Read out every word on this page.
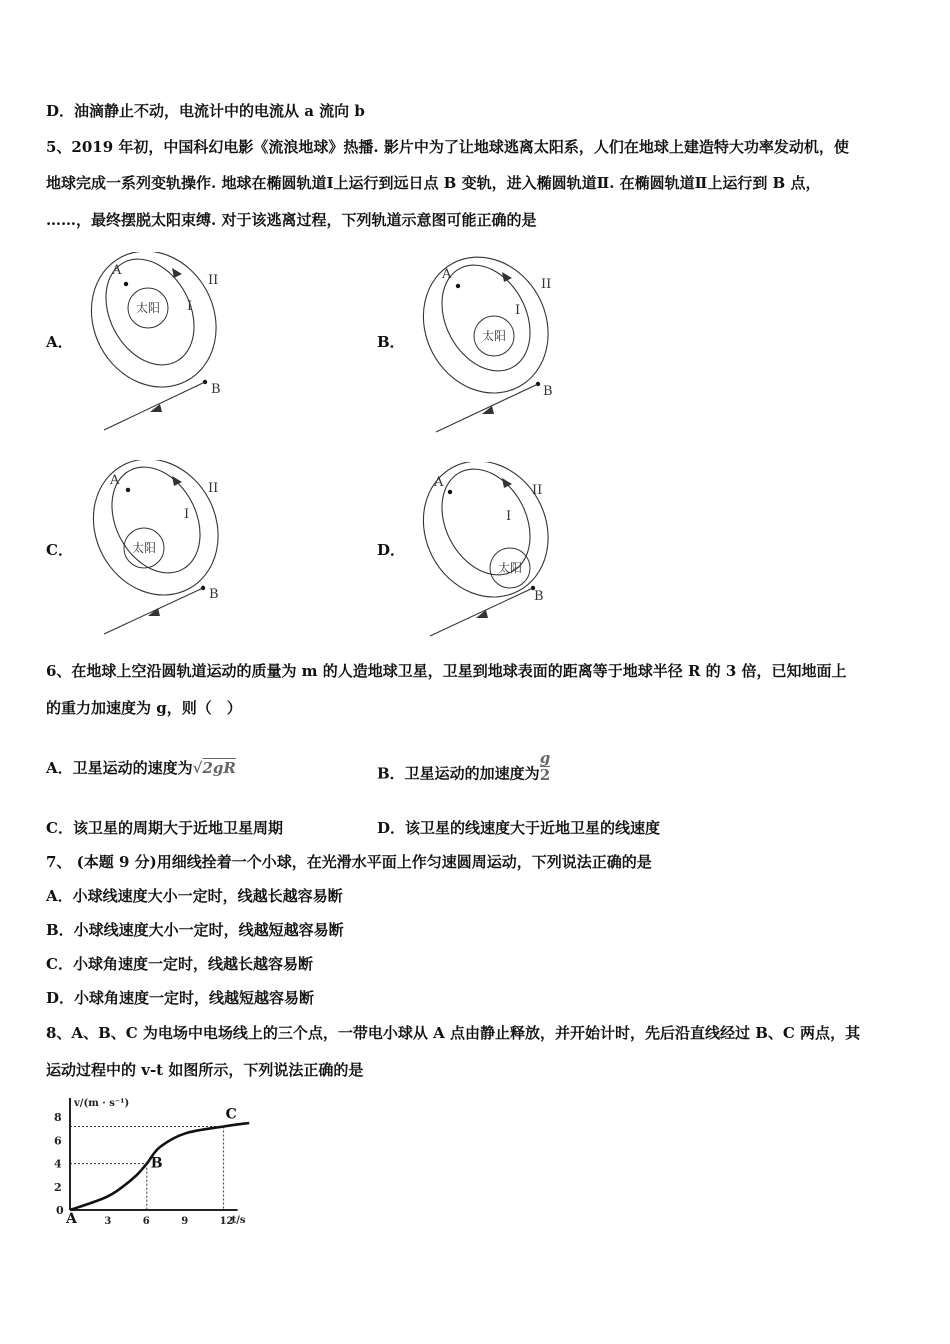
D．油滴静止不动，电流计中的电流从 a 流向 b
5、2019 年初，中国科幻电影《流浪地球》热播. 影片中为了让地球逃离太阳系，人们在地球上建造特大功率发动机，使
地球完成一系列变轨操作. 地球在椭圆轨道Ⅰ上运行到远日点 B 变轨，进入椭圆轨道Ⅱ. 在椭圆轨道Ⅱ上运行到 B 点，
……，最终摆脱太阳束缚. 对于该逃离过程，下列轨道示意图可能正确的是
A．	B．
C．	D．
太阳
A
B
I
II
太阳
A
B
I
II
太阳
A
B
I
II
太阳
A
B
I
II
6、在地球上空沿圆轨道运动的质量为 m 的人造地球卫星，卫星到地球表面的距离等于地球半径 R 的 3 倍，已知地面上
的重力加速度为 g，则（　）
A．卫星运动的速度为√2gR	B．卫星运动的加速度为 $\frac{g}{2}$
C．该卫星的周期大于近地卫星周期	D．该卫星的线速度大于近地卫星的线速度
7、 (本题 9 分)用细线拴着一个小球，在光滑水平面上作匀速圆周运动，下列说法正确的是
A．小球线速度大小一定时，线越长越容易断
B．小球线速度大小一定时，线越短越容易断
C．小球角速度一定时，线越长越容易断
D．小球角速度一定时，线越短越容易断
8、A、B、C 为电场中电场线上的三个点，一带电小球从 A 点由静止释放，并开始计时，先后沿直线经过 B、C 两点，其
运动过程中的 v-t 如图所示，下列说法正确的是
v/(m · s⁻¹)
t/s
0
2
4
6
8
3	6	9	12
A
B
C
